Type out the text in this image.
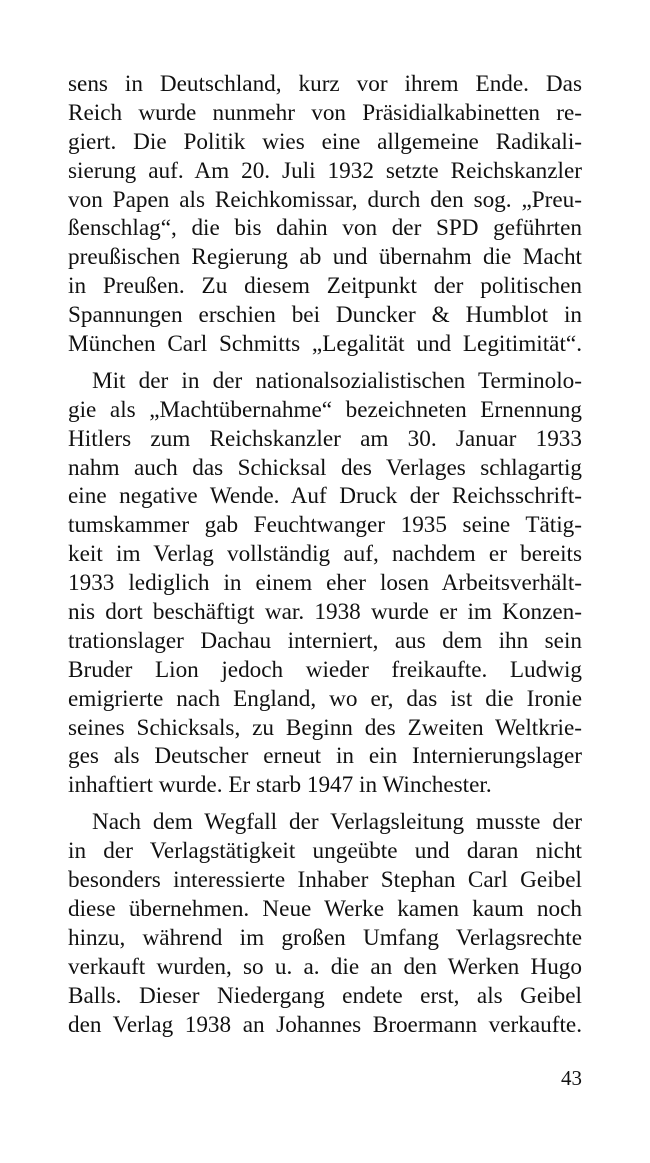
sens in Deutschland, kurz vor ihrem Ende. Das
Reich wurde nunmehr von Präsidialkabinetten re-
giert. Die Politik wies eine allgemeine Radikali-
sierung auf. Am 20. Juli 1932 setzte Reichskanzler
von Papen als Reichkomissar, durch den sog. „Preu-
ßenschlag“, die bis dahin von der SPD geführten
preußischen Regierung ab und übernahm die Macht
in Preußen. Zu diesem Zeitpunkt der politischen
Spannungen erschien bei Duncker & Humblot in
München Carl Schmitts „Legalität und Legitimität“.
Mit der in der nationalsozialistischen Terminolo-
gie als „Machtübernahme“ bezeichneten Ernennung
Hitlers zum Reichskanzler am 30. Januar 1933
nahm auch das Schicksal des Verlages schlagartig
eine negative Wende. Auf Druck der Reichsschrift-
tumskammer gab Feuchtwanger 1935 seine Tätig-
keit im Verlag vollständig auf, nachdem er bereits
1933 lediglich in einem eher losen Arbeitsverhält-
nis dort beschäftigt war. 1938 wurde er im Konzen-
trationslager Dachau interniert, aus dem ihn sein
Bruder Lion jedoch wieder freikaufte. Ludwig
emigrierte nach England, wo er, das ist die Ironie
seines Schicksals, zu Beginn des Zweiten Weltkrie-
ges als Deutscher erneut in ein Internierungslager
inhaftiert wurde. Er starb 1947 in Winchester.
Nach dem Wegfall der Verlagsleitung musste der
in der Verlagstätigkeit ungeübte und daran nicht
besonders interessierte Inhaber Stephan Carl Geibel
diese übernehmen. Neue Werke kamen kaum noch
hinzu, während im großen Umfang Verlagsrechte
verkauft wurden, so u. a. die an den Werken Hugo
Balls. Dieser Niedergang endete erst, als Geibel
den Verlag 1938 an Johannes Broermann verkaufte.
43
